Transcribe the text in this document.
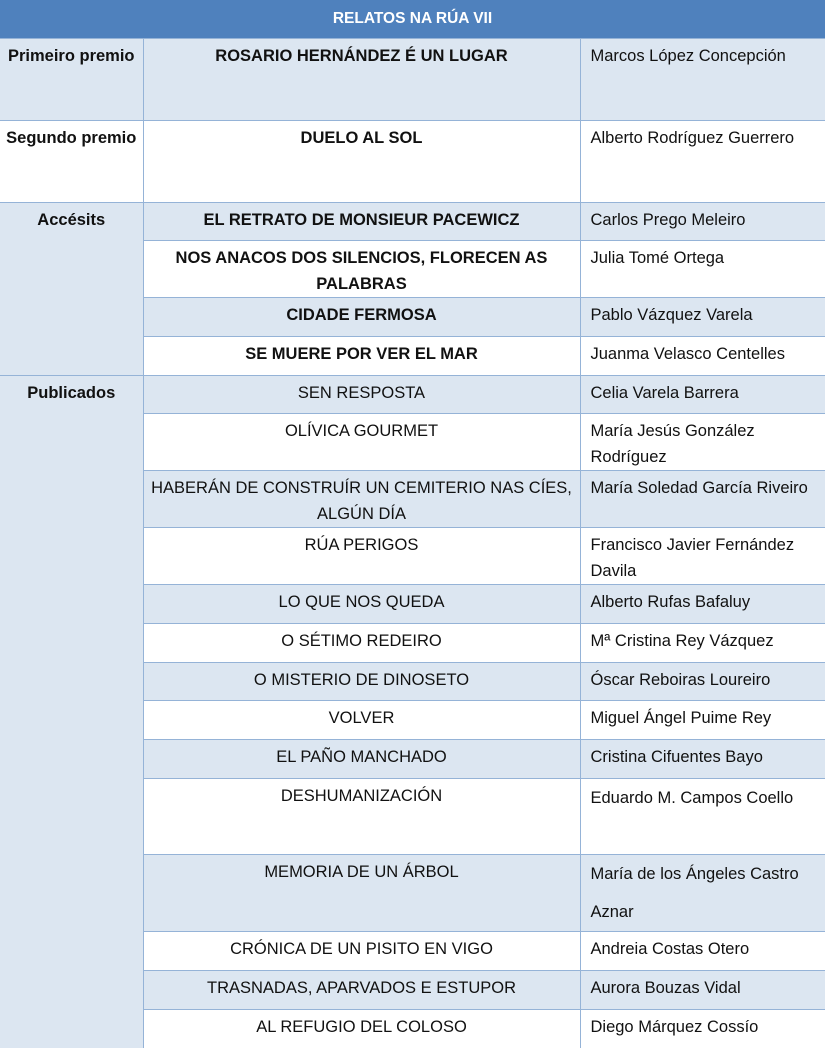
RELATOS NA RÚA VII		
Primeiro premio	ROSARIO HERNÁNDEZ É UN LUGAR	Marcos López Concepción
Segundo premio	DUELO AL SOL	Alberto Rodríguez Guerrero
Accésits	EL RETRATO DE MONSIEUR PACEWICZ	Carlos Prego Meleiro
	NOS ANACOS DOS SILENCIOS, FLORECEN AS PALABRAS	Julia Tomé Ortega
	CIDADE FERMOSA	Pablo Vázquez Varela
	SE MUERE POR VER EL MAR	Juanma Velasco Centelles
Publicados	SEN RESPOSTA	Celia Varela Barrera
	OLÍVICA GOURMET	María Jesús González Rodríguez
	HABERÁN DE CONSTRUÍR UN CEMITERIO NAS CÍES, ALGÚN DÍA	María Soledad García Riveiro
	RÚA PERIGOS	Francisco Javier Fernández Davila
	LO QUE NOS QUEDA	Alberto Rufas Bafaluy
	O SÉTIMO REDEIRO	Mª Cristina Rey Vázquez
	O MISTERIO DE DINOSETO	Óscar Reboiras Loureiro
	VOLVER	Miguel Ángel Puime Rey
	EL PAÑO MANCHADO	Cristina Cifuentes Bayo
	DESHUMANIZACIÓN	Eduardo M. Campos Coello
	MEMORIA DE UN ÁRBOL	María de los Ángeles Castro Aznar
	CRÓNICA DE UN PISITO EN VIGO	Andreia Costas Otero
	TRASNADAS, APARVADOS E ESTUPOR	Aurora Bouzas Vidal
	AL REFUGIO DEL COLOSO	Diego Márquez Cossío
